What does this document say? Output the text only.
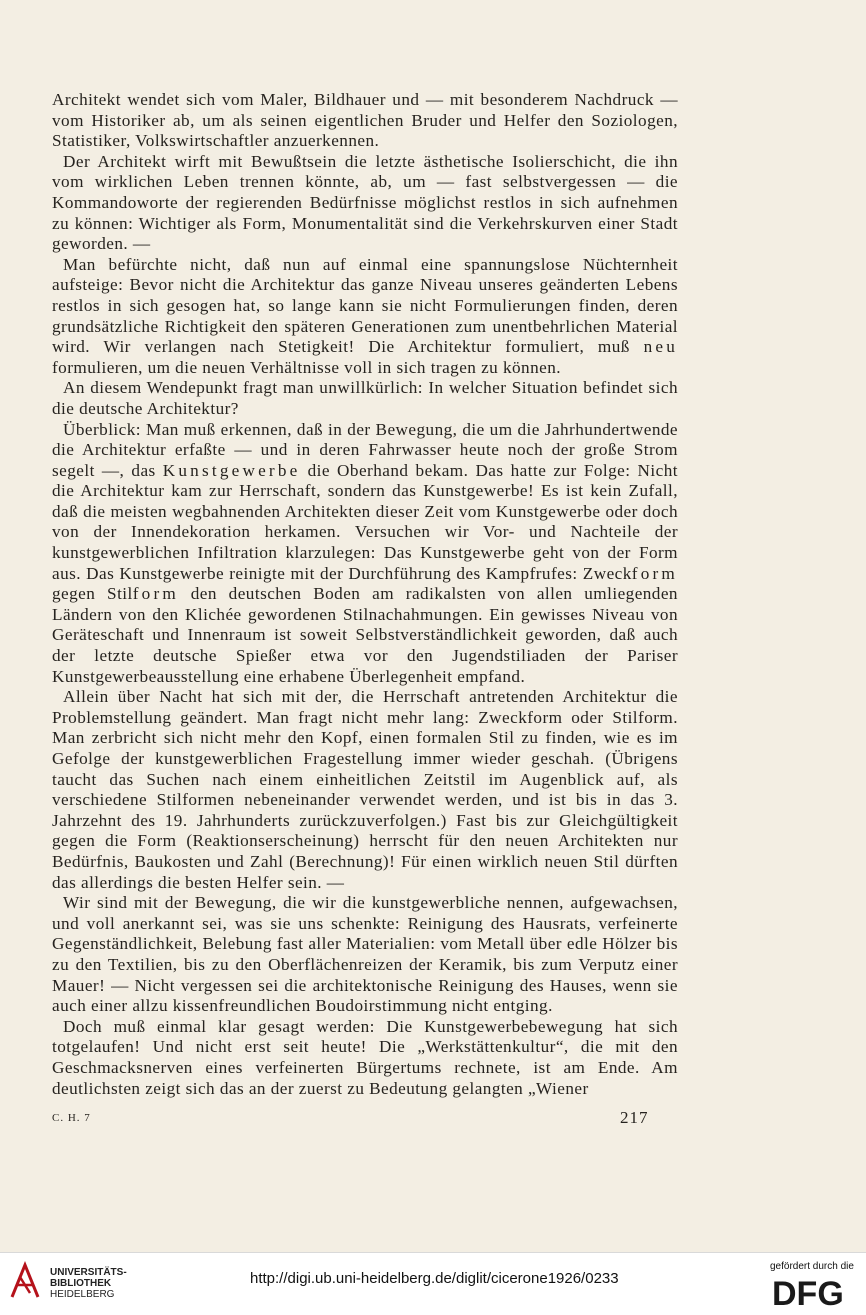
Architekt wendet sich vom Maler, Bildhauer und — mit besonderem Nachdruck — vom Historiker ab, um als seinen eigentlichen Bruder und Helfer den Soziologen, Statistiker, Volkswirtschaftler anzuerkennen.

Der Architekt wirft mit Bewußtsein die letzte ästhetische Isolierschicht, die ihn vom wirklichen Leben trennen könnte, ab, um — fast selbstvergessen — die Kommandoworte der regierenden Bedürfnisse möglichst restlos in sich aufnehmen zu können: Wichtiger als Form, Monumentalität sind die Verkehrskurven einer Stadt geworden. —

Man befürchte nicht, daß nun auf einmal eine spannungslose Nüchternheit aufsteige: Bevor nicht die Architektur das ganze Niveau unseres geänderten Lebens restlos in sich gesogen hat, so lange kann sie nicht Formulierungen finden, deren grundsätzliche Richtigkeit den späteren Generationen zum unentbehrlichen Material wird. Wir verlangen nach Stetigkeit! Die Architektur formuliert, muß neu formulieren, um die neuen Verhältnisse voll in sich tragen zu können.

An diesem Wendepunkt fragt man unwillkürlich: In welcher Situation befindet sich die deutsche Architektur?

Überblick: Man muß erkennen, daß in der Bewegung, die um die Jahrhundertwende die Architektur erfaßte — und in deren Fahrwasser heute noch der große Strom segelt —, das Kunstgewerbe die Oberhand bekam. Das hatte zur Folge: Nicht die Architektur kam zur Herrschaft, sondern das Kunstgewerbe! Es ist kein Zufall, daß die meisten wegbahnenden Architekten dieser Zeit vom Kunstgewerbe oder doch von der Innendekoration herkamen. Versuchen wir Vor- und Nachteile der kunstgewerblichen Infiltration klarzulegen: Das Kunstgewerbe geht von der Form aus. Das Kunstgewerbe reinigte mit der Durchführung des Kampfrufes: Zweckform gegen Stilform den deutschen Boden am radikalsten von allen umliegenden Ländern von den Klichée gewordenen Stilnachahmungen. Ein gewisses Niveau von Geräteschaft und Innenraum ist soweit Selbstverständlichkeit geworden, daß auch der letzte deutsche Spießer etwa vor den Jugendstiliaden der Pariser Kunstgewerbeausstellung eine erhabene Überlegenheit empfand.

Allein über Nacht hat sich mit der, die Herrschaft antretenden Architektur die Problemstellung geändert. Man fragt nicht mehr lang: Zweckform oder Stilform. Man zerbricht sich nicht mehr den Kopf, einen formalen Stil zu finden, wie es im Gefolge der kunstgewerblichen Fragestellung immer wieder geschah. (Übrigens taucht das Suchen nach einem einheitlichen Zeitstil im Augenblick auf, als verschiedene Stilformen nebeneinander verwendet werden, und ist bis in das 3. Jahrzehnt des 19. Jahrhunderts zurückzuverfolgen.) Fast bis zur Gleichgültigkeit gegen die Form (Reaktionserscheinung) herrscht für den neuen Architekten nur Bedürfnis, Baukosten und Zahl (Berechnung)! Für einen wirklich neuen Stil dürften das allerdings die besten Helfer sein. —

Wir sind mit der Bewegung, die wir die kunstgewerbliche nennen, aufgewachsen, und voll anerkannt sei, was sie uns schenkte: Reinigung des Hausrats, verfeinerte Gegenständlichkeit, Belebung fast aller Materialien: vom Metall über edle Hölzer bis zu den Textilien, bis zu den Oberflächenreizen der Keramik, bis zum Verputz einer Mauer! — Nicht vergessen sei die architektonische Reinigung des Hauses, wenn sie auch einer allzu kissenfreundlichen Boudoirstimmung nicht entging.

Doch muß einmal klar gesagt werden: Die Kunstgewerbebewegung hat sich totgelaufen! Und nicht erst seit heute! Die „Werkstättenkultur“, die mit den Geschmacksnerven eines verfeinerten Bürgertums rechnete, ist am Ende. Am deutlichsten zeigt sich das an der zuerst zu Bedeutung gelangten „Wiener

C. H. 7	217
UNIVERSITÄTS-
BIBLIOTHEK
HEIDELBERG
http://digi.ub.uni-heidelberg.de/diglit/cicerone1926/0233
gefördert durch die
DFG
